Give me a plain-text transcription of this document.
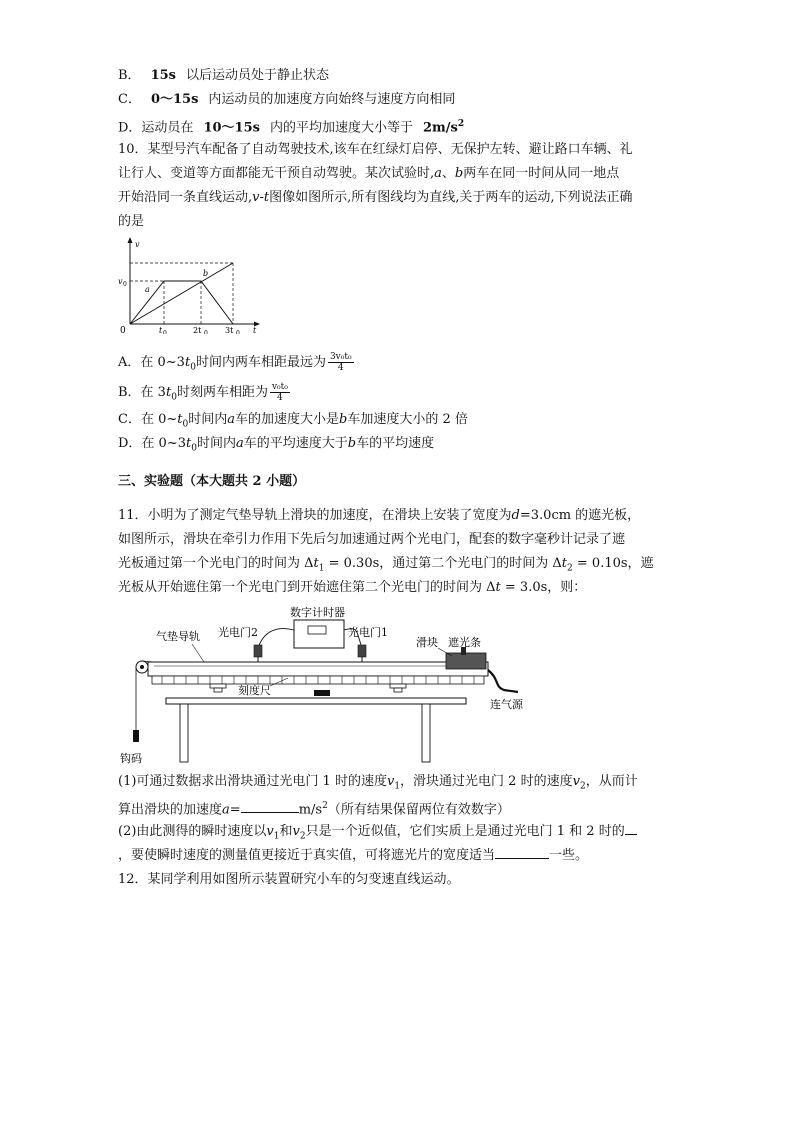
B． 15s 以后运动员处于静止状态
C． 0～15s 内运动员的加速度方向始终与速度方向相同
D．运动员在 10～15s 内的平均加速度大小等于 $2m/s^2$
10．某型号汽车配备了自动驾驶技术,该车在红绿灯启停、无保护左转、避让路口车辆、礼
让行人、变道等方面都能无干预自动驾驶。某次试验时,a、b两车在同一时间从同一地点
开始沿同一条直线运动,v-t图像如图所示,所有图线均为直线,关于两车的运动,下列说法正确
的是
v
t
0
v 0
t 0	2t 0 3t 0
a
b
A．在 $0\sim 3t_0$时间内两车相距最远为 $\frac{\text{3v₀t₀}}{4}$
B．在 $3t_0$时刻两车相距为 $\frac{\text{v₀t₀}}{4}$
C．在 $0\sim t_0$时间内a车的加速度大小是b车加速度大小的 2 倍
D．在 $0\sim 3t_0$时间内a车的平均速度大于b车的平均速度
三、实验题（本大题共 2 小题）
11．小明为了测定气垫导轨上滑块的加速度，在滑块上安装了宽度为d=3.0cm 的遮光板，
如图所示，滑块在牵引力作用下先后匀加速通过两个光电门，配套的数字毫秒计记录了遮
光板通过第一个光电门的时间为 $\Delta t_1 = 0.30s$，通过第二个光电门的时间为 $\Delta t_2 = 0.10s$，遮
光板从开始遮住第一个光电门到开始遮住第二个光电门的时间为 Δt = 3.0s，则：
数字计时器
光电门2	光电门1
气垫导轨
刻度尺
滑块 遮光条
钩码
连气源
(1)可通过数据求出滑块通过光电门 1 时的速度$v_1$，滑块通过光电门 2 时的速度$v_2$，从而计
算出滑块的加速度a=	$m/s^2$（所有结果保留两位有效数字）
(2)由此测得的瞬时速度以$v_1$和$v_2$只是一个近似值，它们实质上是通过光电门 1 和 2 时的
，要使瞬时速度的测量值更接近于真实值，可将遮光片的宽度适当	一些。
12．某同学利用如图所示装置研究小车的匀变速直线运动。
